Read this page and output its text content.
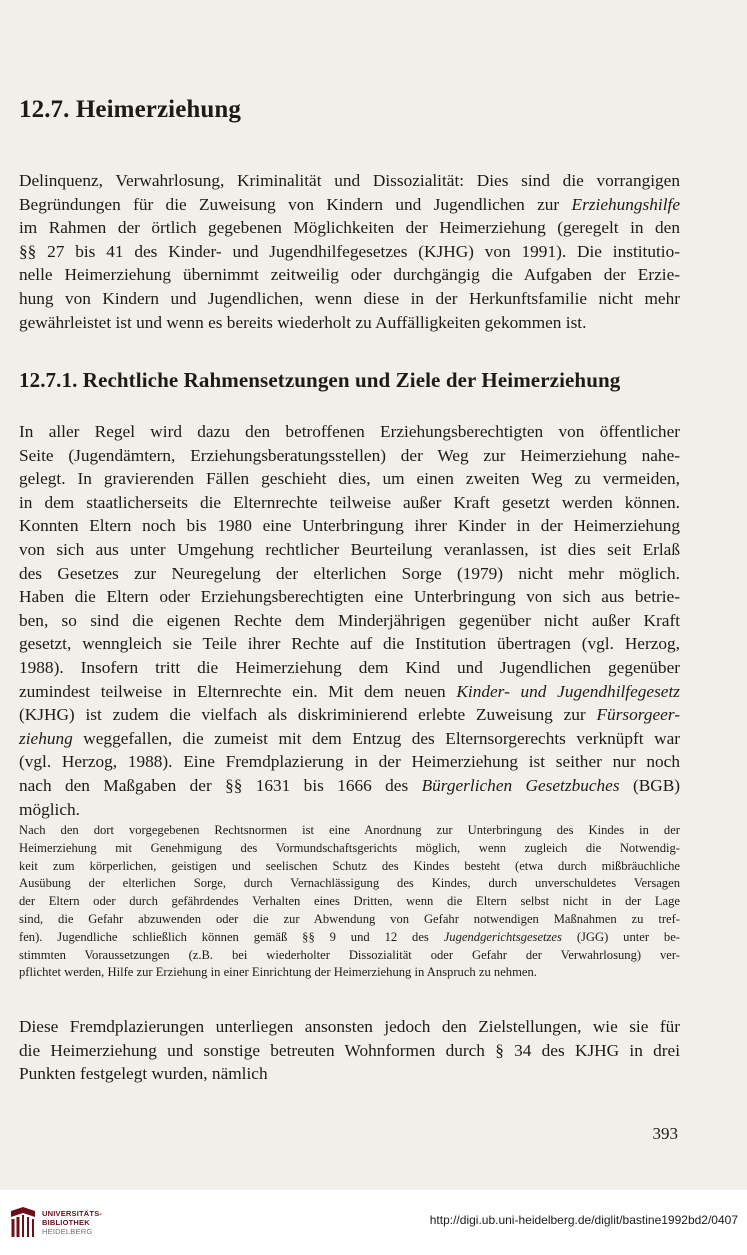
12.7. Heimerziehung
Delinquenz, Verwahrlosung, Kriminalität und Dissozialität: Dies sind die vorrangigen
Begründungen für die Zuweisung von Kindern und Jugendlichen zur Erziehungshilfe
im Rahmen der örtlich gegebenen Möglichkeiten der Heimerziehung (geregelt in den
§§ 27 bis 41 des Kinder- und Jugendhilfegesetzes (KJHG) von 1991). Die institutio-
nelle Heimerziehung übernimmt zeitweilig oder durchgängig die Aufgaben der Erzie-
hung von Kindern und Jugendlichen, wenn diese in der Herkunftsfamilie nicht mehr
gewährleistet ist und wenn es bereits wiederholt zu Auffälligkeiten gekommen ist.
12.7.1. Rechtliche Rahmensetzungen und Ziele der Heimerziehung
In aller Regel wird dazu den betroffenen Erziehungsberechtigten von öffentlicher
Seite (Jugendämtern, Erziehungsberatungsstellen) der Weg zur Heimerziehung nahe-
gelegt. In gravierenden Fällen geschieht dies, um einen zweiten Weg zu vermeiden,
in dem staatlicherseits die Elternrechte teilweise außer Kraft gesetzt werden können.
Konnten Eltern noch bis 1980 eine Unterbringung ihrer Kinder in der Heimerziehung
von sich aus unter Umgehung rechtlicher Beurteilung veranlassen, ist dies seit Erlaß
des Gesetzes zur Neuregelung der elterlichen Sorge (1979) nicht mehr möglich.
Haben die Eltern oder Erziehungsberechtigten eine Unterbringung von sich aus betrie-
ben, so sind die eigenen Rechte dem Minderjährigen gegenüber nicht außer Kraft
gesetzt, wenngleich sie Teile ihrer Rechte auf die Institution übertragen (vgl. Herzog,
1988). Insofern tritt die Heimerziehung dem Kind und Jugendlichen gegenüber
zumindest teilweise in Elternrechte ein. Mit dem neuen Kinder- und Jugendhilfegesetz
(KJHG) ist zudem die vielfach als diskriminierend erlebte Zuweisung zur Fürsorgeer-
ziehung weggefallen, die zumeist mit dem Entzug des Elternsorgerechts verknüpft war
(vgl. Herzog, 1988). Eine Fremdplazierung in der Heimerziehung ist seither nur noch
nach den Maßgaben der §§ 1631 bis 1666 des Bürgerlichen Gesetzbuches (BGB)
möglich.
Nach den dort vorgegebenen Rechtsnormen ist eine Anordnung zur Unterbringung des Kindes in der
Heimerziehung mit Genehmigung des Vormundschaftsgerichts möglich, wenn zugleich die Notwendig-
keit zum körperlichen, geistigen und seelischen Schutz des Kindes besteht (etwa durch mißbräuchliche
Ausübung der elterlichen Sorge, durch Vernachlässigung des Kindes, durch unverschuldetes Versagen
der Eltern oder durch gefährdendes Verhalten eines Dritten, wenn die Eltern selbst nicht in der Lage
sind, die Gefahr abzuwenden oder die zur Abwendung von Gefahr notwendigen Maßnahmen zu tref-
fen). Jugendliche schließlich können gemäß §§ 9 und 12 des Jugendgerichtsgesetzes (JGG) unter be-
stimmten Voraussetzungen (z.B. bei wiederholter Dissozialität oder Gefahr der Verwahrlosung) ver-
pflichtet werden, Hilfe zur Erziehung in einer Einrichtung der Heimerziehung in Anspruch zu nehmen.
Diese Fremdplazierungen unterliegen ansonsten jedoch den Zielstellungen, wie sie für
die Heimerziehung und sonstige betreuten Wohnformen durch § 34 des KJHG in drei
Punkten festgelegt wurden, nämlich
393
UNIVERSITÄTS-
BIBLIOTHEK
HEIDELBERG
http://digi.ub.uni-heidelberg.de/diglit/bastine1992bd2/0407
